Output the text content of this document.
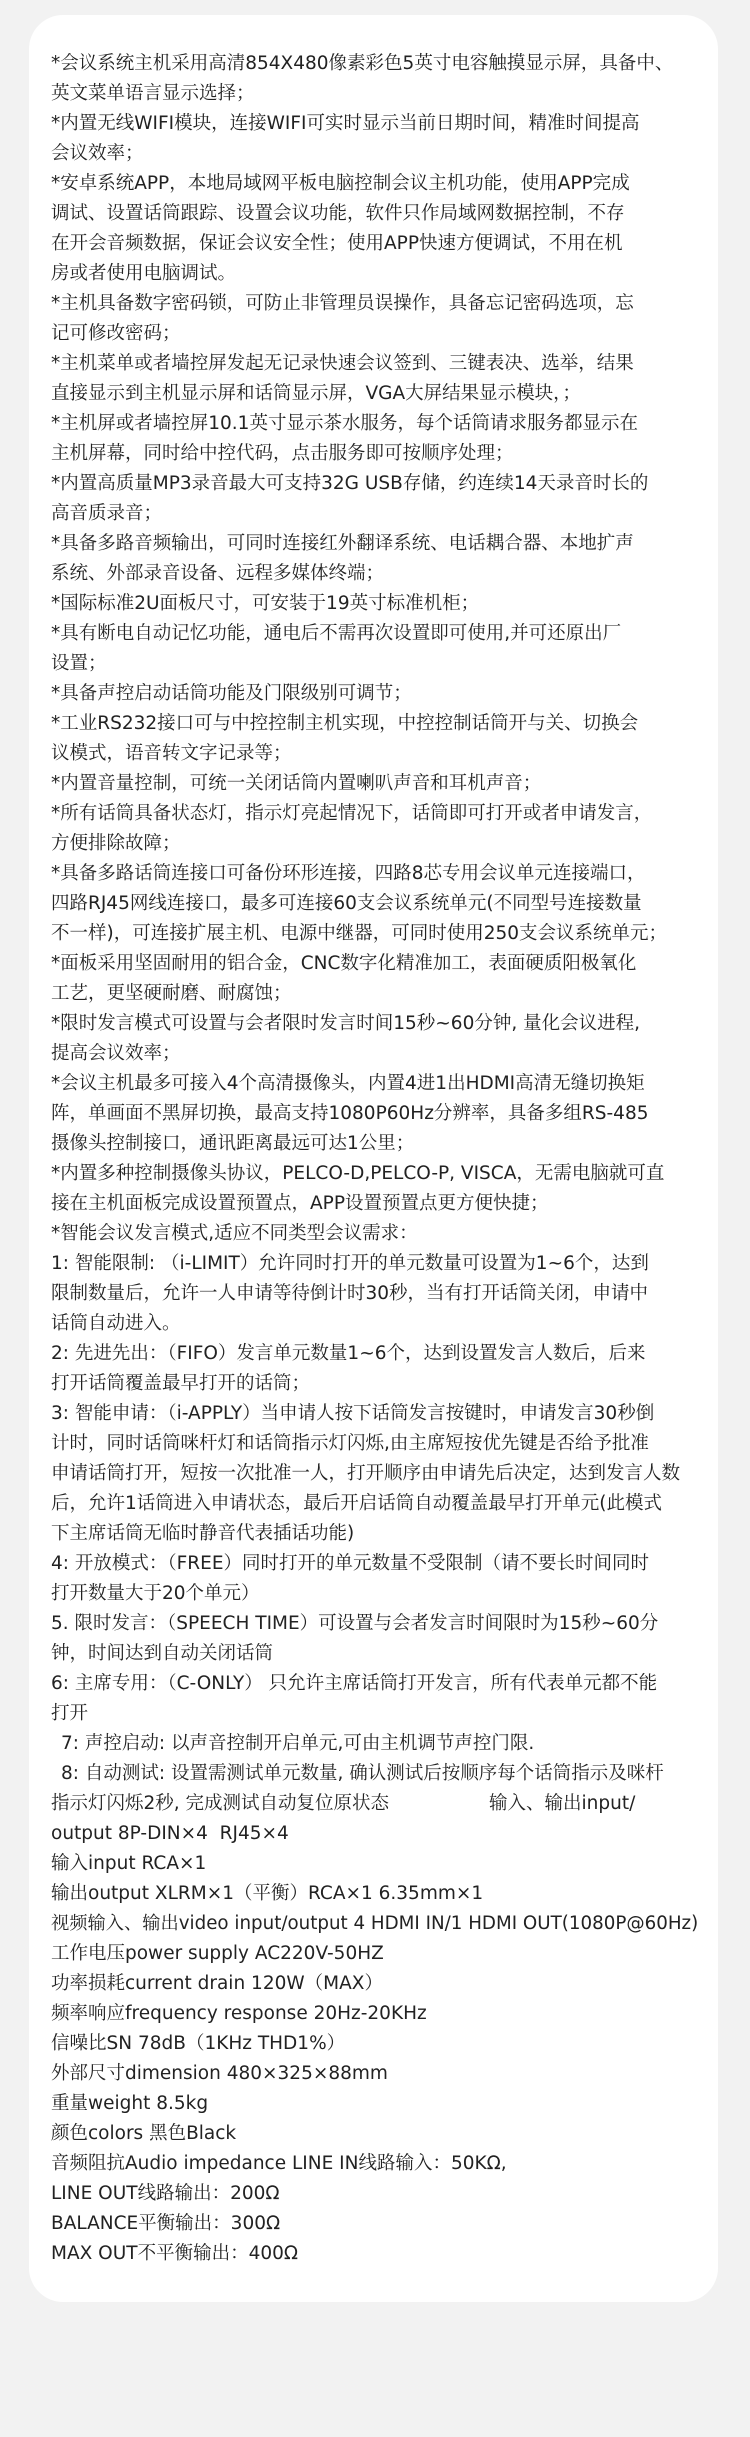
*会议系统主机采用高清854X480像素彩色5英寸电容触摸显示屏，具备中、
英文菜单语言显示选择；
*内置无线WIFI模块，连接WIFI可实时显示当前日期时间，精准时间提高
会议效率；
*安卓系统APP，本地局域网平板电脑控制会议主机功能，使用APP完成
调试、设置话筒跟踪、设置会议功能，软件只作局域网数据控制，不存
在开会音频数据，保证会议安全性；使用APP快速方便调试，不用在机
房或者使用电脑调试。
*主机具备数字密码锁，可防止非管理员误操作，具备忘记密码选项，忘
记可修改密码；
*主机菜单或者墙控屏发起无记录快速会议签到、三键表决、选举，结果
直接显示到主机显示屏和话筒显示屏，VGA大屏结果显示模块，；
*主机屏或者墙控屏10.1英寸显示茶水服务，每个话筒请求服务都显示在
主机屏幕，同时给中控代码，点击服务即可按顺序处理；
*内置高质量MP3录音最大可支持32G USB存储，约连续14天录音时长的
高音质录音；
*具备多路音频输出，可同时连接红外翻译系统、电话耦合器、本地扩声
系统、外部录音设备、远程多媒体终端；
*国际标准2U面板尺寸，可安装于19英寸标准机柜；
*具有断电自动记忆功能，通电后不需再次设置即可使用,并可还原出厂
设置；
*具备声控启动话筒功能及门限级别可调节；
*工业RS232接口可与中控控制主机实现，中控控制话筒开与关、切换会
议模式，语音转文字记录等；
*内置音量控制，可统一关闭话筒内置喇叭声音和耳机声音；
*所有话筒具备状态灯，指示灯亮起情况下，话筒即可打开或者申请发言，
方便排除故障；
*具备多路话筒连接口可备份环形连接，四路8芯专用会议单元连接端口，
四路RJ45网线连接口，最多可连接60支会议系统单元(不同型号连接数量
不一样)，可连接扩展主机、电源中继器，可同时使用250支会议系统单元；
*面板采用坚固耐用的铝合金，CNC数字化精准加工，表面硬质阳极氧化
工艺，更坚硬耐磨、耐腐蚀；
*限时发言模式可设置与会者限时发言时间15秒~60分钟, 量化会议进程,
提高会议效率；
*会议主机最多可接入4个高清摄像头，内置4进1出HDMI高清无缝切换矩
阵，单画面不黑屏切换，最高支持1080P60Hz分辨率，具备多组RS-485
摄像头控制接口，通讯距离最远可达1公里；
*内置多种控制摄像头协议，PELCO-D,PELCO-P, VISCA，无需电脑就可直
接在主机面板完成设置预置点，APP设置预置点更方便快捷；
*智能会议发言模式,适应不同类型会议需求：
1: 智能限制: （i-LIMIT）允许同时打开的单元数量可设置为1~6个，达到
限制数量后，允许一人申请等待倒计时30秒，当有打开话筒关闭，申请中
话筒自动进入。
2: 先进先出：（FIFO）发言单元数量1~6个，达到设置发言人数后，后来
打开话筒覆盖最早打开的话筒；
3: 智能申请：（i-APPLY）当申请人按下话筒发言按键时，申请发言30秒倒
计时，同时话筒咪杆灯和话筒指示灯闪烁,由主席短按优先键是否给予批准
申请话筒打开，短按一次批准一人，打开顺序由申请先后决定，达到发言人数
后，允许1话筒进入申请状态，最后开启话筒自动覆盖最早打开单元(此模式
下主席话筒无临时静音代表插话功能)
4: 开放模式：（FREE）同时打开的单元数量不受限制（请不要长时间同时
打开数量大于20个单元）
5. 限时发言：（SPEECH TIME）可设置与会者发言时间限时为15秒~60分
钟，时间达到自动关闭话筒
6: 主席专用：（C-ONLY） 只允许主席话筒打开发言，所有代表单元都不能
打开
7: 声控启动: 以声音控制开启单元,可由主机调节声控门限.
8: 自动测试: 设置需测试单元数量, 确认测试后按顺序每个话筒指示及咪杆
指示灯闪烁2秒, 完成测试自动复位原状态                 输入、输出input/
output 8P-DIN×4  RJ45×4
输入input RCA×1
输出output XLRM×1（平衡）RCA×1 6.35mm×1
视频输入、输出video input/output 4 HDMI IN/1 HDMI OUT(1080P@60Hz)
工作电压power supply AC220V-50HZ
功率损耗current drain 120W（MAX）
频率响应frequency response 20Hz-20KHz
信噪比SN 78dB（1KHz THD1%）
外部尺寸dimension 480×325×88mm
重量weight 8.5kg
颜色colors 黑色Black
音频阻抗Audio impedance LINE IN线路输入：50KΩ,
LINE OUT线路输出：200Ω
BALANCE平衡输出：300Ω
MAX OUT不平衡输出：400Ω
